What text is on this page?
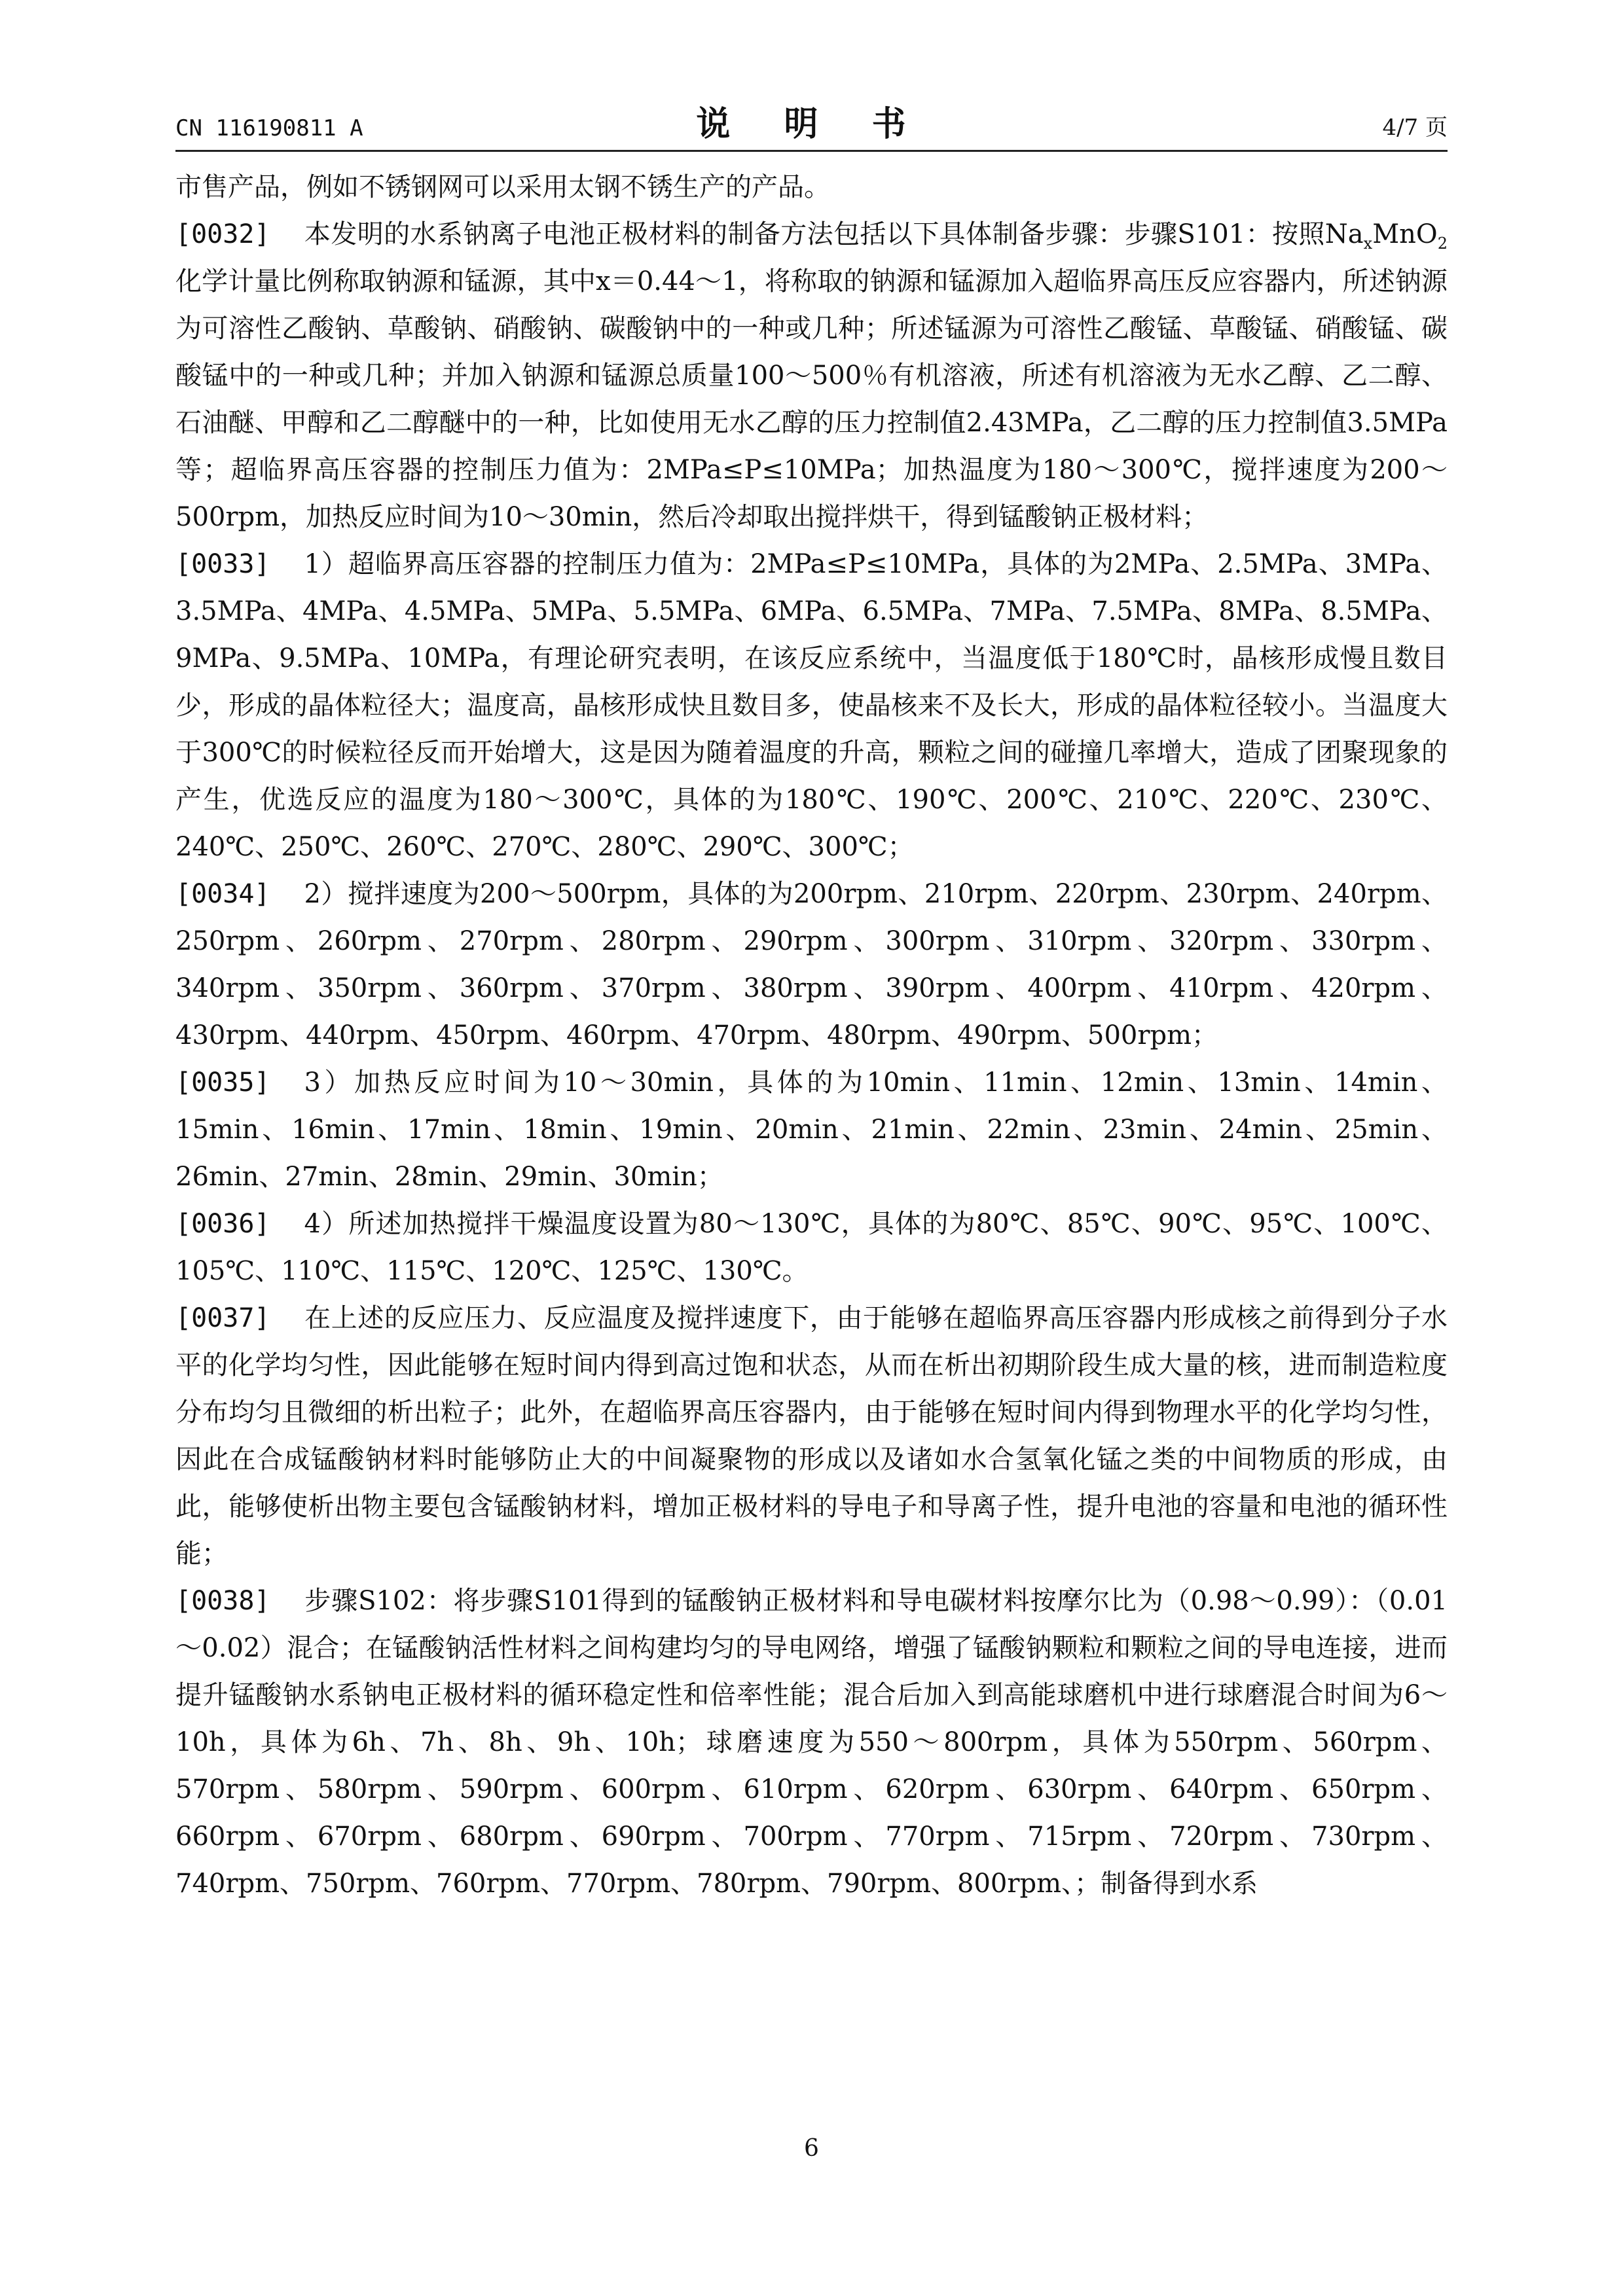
CN 116190811 A	说 明 书	4/7 页

市售产品，例如不锈钢网可以采用太钢不锈生产的产品。

[0032] 本发明的水系钠离子电池正极材料的制备方法包括以下具体制备步骤：步骤S101：按照$Na_xMnO_2$化学计量比例称取钠源和锰源，其中x＝0.44～1，将称取的钠源和锰源加入超临界高压反应容器内，所述钠源为可溶性乙酸钠、草酸钠、硝酸钠、碳酸钠中的一种或几种；所述锰源为可溶性乙酸锰、草酸锰、硝酸锰、碳酸锰中的一种或几种；并加入钠源和锰源总质量100～500％有机溶液，所述有机溶液为无水乙醇、乙二醇、石油醚、甲醇和乙二醇醚中的一种，比如使用无水乙醇的压力控制值2.43MPa，乙二醇的压力控制值3.5MPa等；超临界高压容器的控制压力值为：2MPa≤P≤10MPa；加热温度为180～300℃，搅拌速度为200～500rpm，加热反应时间为10～30min，然后冷却取出搅拌烘干，得到锰酸钠正极材料；

[0033] 1）超临界高压容器的控制压力值为：2MPa≤P≤10MPa，具体的为2MPa、2.5MPa、3MPa、3.5MPa、4MPa、4.5MPa、5MPa、5.5MPa、6MPa、6.5MPa、7MPa、7.5MPa、8MPa、8.5MPa、9MPa、9.5MPa、10MPa，有理论研究表明，在该反应系统中，当温度低于180℃时，晶核形成慢且数目少，形成的晶体粒径大；温度高，晶核形成快且数目多，使晶核来不及长大，形成的晶体粒径较小。当温度大于300℃的时候粒径反而开始增大，这是因为随着温度的升高，颗粒之间的碰撞几率增大，造成了团聚现象的产生，优选反应的温度为180～300℃，具体的为180℃、190℃、200℃、210℃、220℃、230℃、240℃、250℃、260℃、270℃、280℃、290℃、300℃；

[0034] 2）搅拌速度为200～500rpm，具体的为200rpm、210rpm、220rpm、230rpm、240rpm、250rpm、260rpm、270rpm、280rpm、290rpm、300rpm、310rpm、320rpm、330rpm、340rpm、350rpm、360rpm、370rpm、380rpm、390rpm、400rpm、410rpm、420rpm、430rpm、440rpm、450rpm、460rpm、470rpm、480rpm、490rpm、500rpm；

[0035] 3）加热反应时间为10～30min，具体的为10min、11min、12min、13min、14min、15min、16min、17min、18min、19min、20min、21min、22min、23min、24min、25min、26min、27min、28min、29min、30min；

[0036] 4）所述加热搅拌干燥温度设置为80～130℃，具体的为80℃、85℃、90℃、95℃、100℃、105℃、110℃、115℃、120℃、125℃、130℃。

[0037] 在上述的反应压力、反应温度及搅拌速度下，由于能够在超临界高压容器内形成核之前得到分子水平的化学均匀性，因此能够在短时间内得到高过饱和状态，从而在析出初期阶段生成大量的核，进而制造粒度分布均匀且微细的析出粒子；此外，在超临界高压容器内，由于能够在短时间内得到物理水平的化学均匀性，因此在合成锰酸钠材料时能够防止大的中间凝聚物的形成以及诸如水合氢氧化锰之类的中间物质的形成，由此，能够使析出物主要包含锰酸钠材料，增加正极材料的导电子和导离子性，提升电池的容量和电池的循环性能；

[0038] 步骤S102：将步骤S101得到的锰酸钠正极材料和导电碳材料按摩尔比为（0.98～0.99）：（0.01～0.02）混合；在锰酸钠活性材料之间构建均匀的导电网络，增强了锰酸钠颗粒和颗粒之间的导电连接，进而提升锰酸钠水系钠电正极材料的循环稳定性和倍率性能；混合后加入到高能球磨机中进行球磨混合时间为6～10h，具体为6h、7h、8h、9h、10h；球磨速度为550～800rpm，具体为550rpm、560rpm、570rpm、580rpm、590rpm、600rpm、610rpm、620rpm、630rpm、640rpm、650rpm、660rpm、670rpm、680rpm、690rpm、700rpm、770rpm、715rpm、720rpm、730rpm、740rpm、750rpm、760rpm、770rpm、780rpm、790rpm、800rpm、；制备得到水系

6
